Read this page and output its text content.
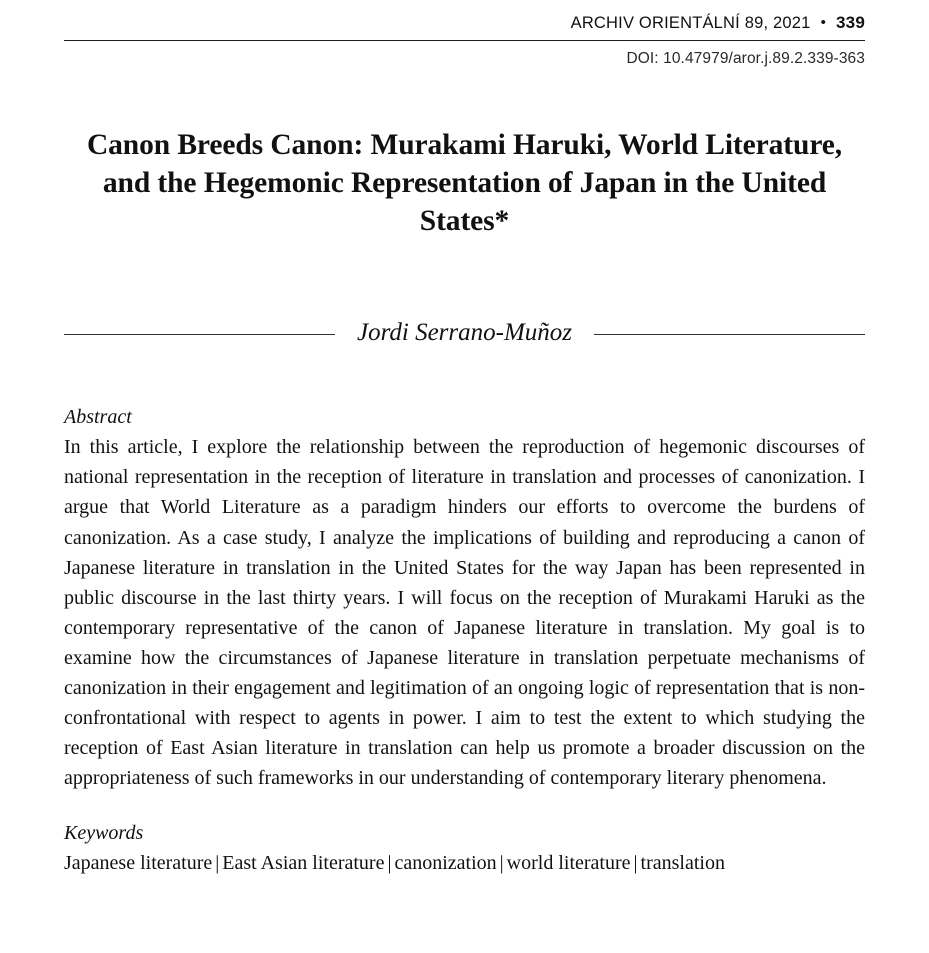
ARCHIV ORIENTÁLNÍ 89, 2021 • 339
DOI: 10.47979/aror.j.89.2.339-363
Canon Breeds Canon: Murakami Haruki, World Literature, and the Hegemonic Representation of Japan in the United States*
Jordi Serrano-Muñoz
Abstract

In this article, I explore the relationship between the reproduction of hegemonic discourses of national representation in the reception of literature in translation and processes of canonization. I argue that World Literature as a paradigm hinders our efforts to overcome the burdens of canonization. As a case study, I analyze the implications of building and reproducing a canon of Japanese literature in translation in the United States for the way Japan has been represented in public discourse in the last thirty years. I will focus on the reception of Murakami Haruki as the contemporary representative of the canon of Japanese literature in translation. My goal is to examine how the circumstances of Japanese literature in translation perpetuate mechanisms of canonization in their engagement and legitimation of an ongoing logic of representation that is non-confrontational with respect to agents in power. I aim to test the extent to which studying the reception of East Asian literature in translation can help us promote a broader discussion on the appropriateness of such frameworks in our understanding of contemporary literary phenomena.

Keywords
Japanese literature | East Asian literature | canonization | world literature | translation
